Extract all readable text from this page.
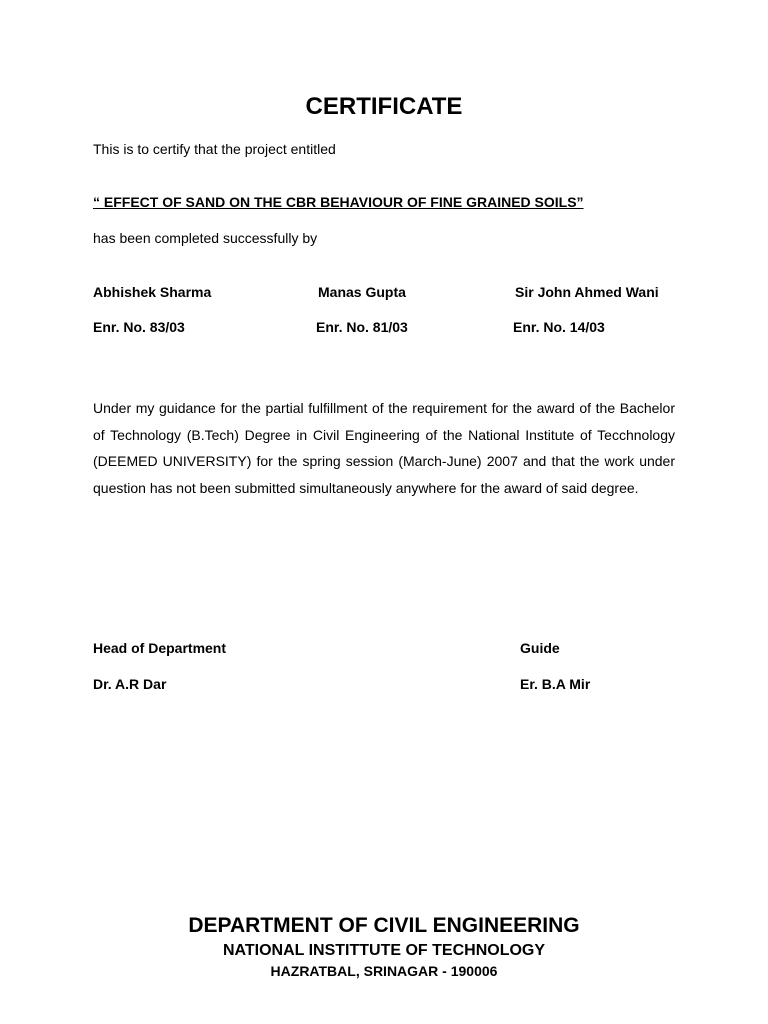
CERTIFICATE
This is to certify that the project entitled
“ EFFECT OF SAND ON THE CBR BEHAVIOUR OF FINE GRAINED SOILS”
has been completed successfully by
Abhishek Sharma	Manas Gupta	Sir John Ahmed Wani
Enr. No. 83/03	Enr. No. 81/03	Enr. No. 14/03
Under my guidance for the partial fulfillment of the requirement for the award of the Bachelor of Technology (B.Tech) Degree in Civil Engineering of the National Institute of Tecchnology (DEEMED UNIVERSITY) for the spring session (March-June) 2007 and that the work under question has not been submitted simultaneously anywhere for the award of said degree.
Head of Department	Guide
Dr. A.R Dar	Er. B.A Mir
DEPARTMENT OF CIVIL ENGINEERING
NATIONAL INSTITTUTE OF TECHNOLOGY
HAZRATBAL, SRINAGAR - 190006
